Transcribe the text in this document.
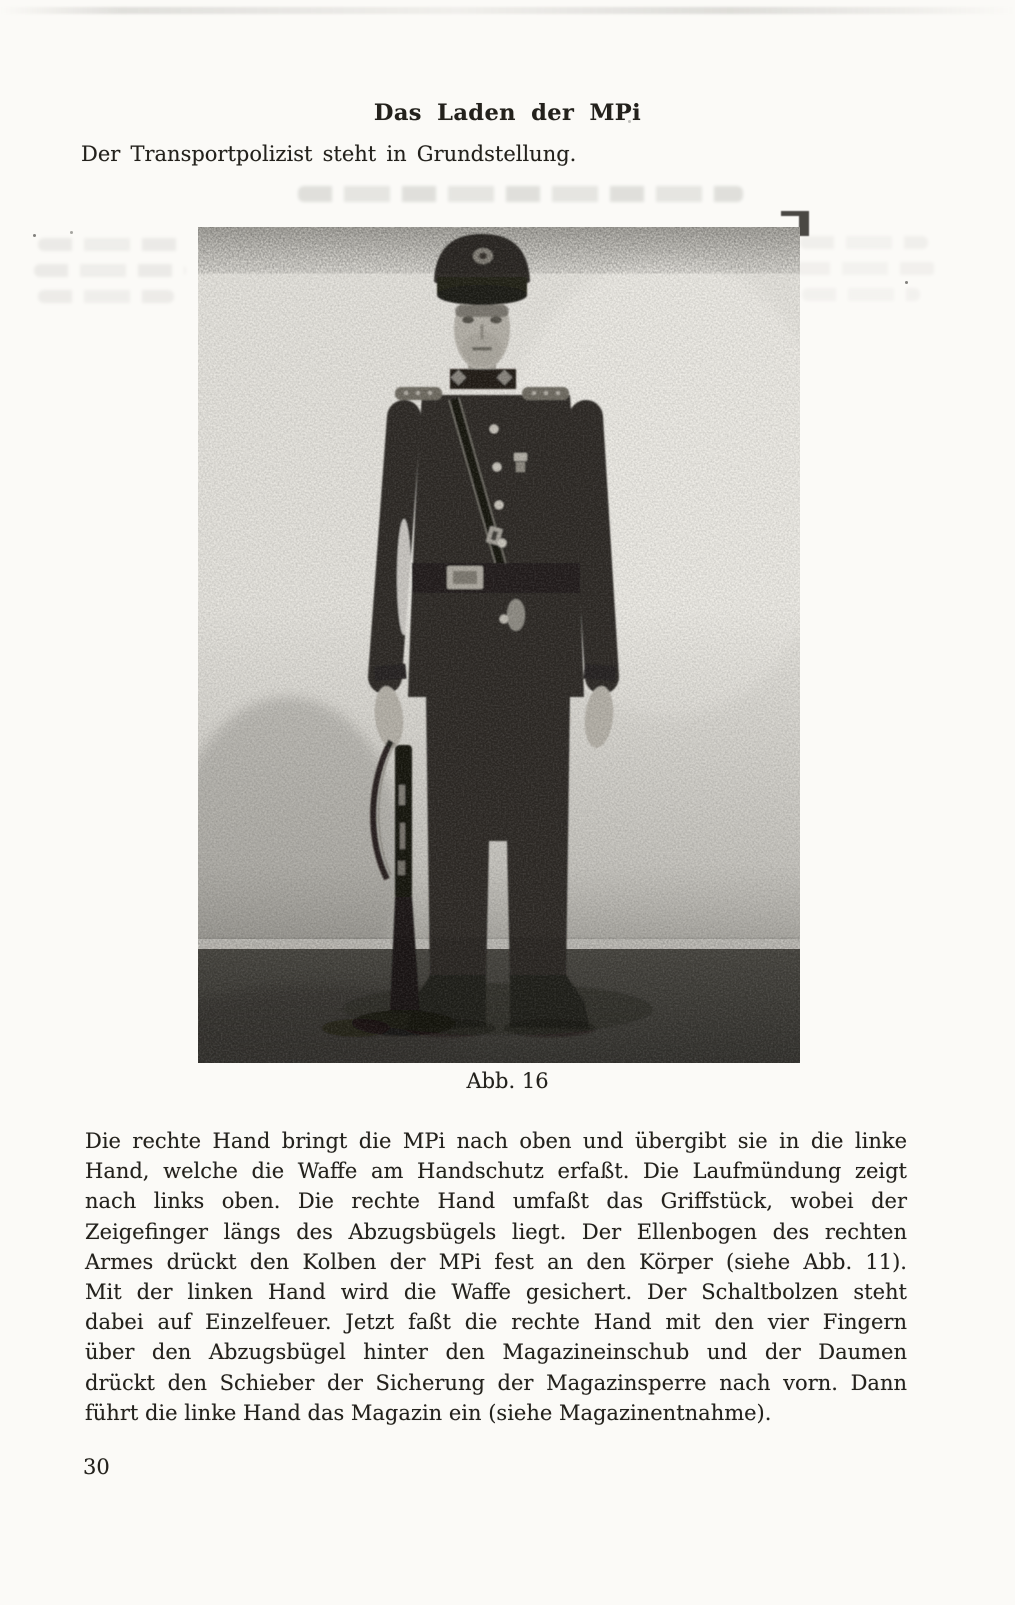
Das Laden der MPi
Der Transportpolizist steht in Grundstellung.
Abb. 16
Die rechte Hand bringt die MPi nach oben und übergibt sie in die linke
Hand, welche die Waffe am Handschutz erfaßt. Die Laufmündung zeigt
nach links oben. Die rechte Hand umfaßt das Griffstück, wobei der
Zeigefinger längs des Abzugsbügels liegt. Der Ellenbogen des rechten
Armes drückt den Kolben der MPi fest an den Körper (siehe Abb. 11).
Mit der linken Hand wird die Waffe gesichert. Der Schaltbolzen steht
dabei auf Einzelfeuer. Jetzt faßt die rechte Hand mit den vier Fingern
über den Abzugsbügel hinter den Magazineinschub und der Daumen
drückt den Schieber der Sicherung der Magazinsperre nach vorn. Dann
führt die linke Hand das Magazin ein (siehe Magazinentnahme).
30
